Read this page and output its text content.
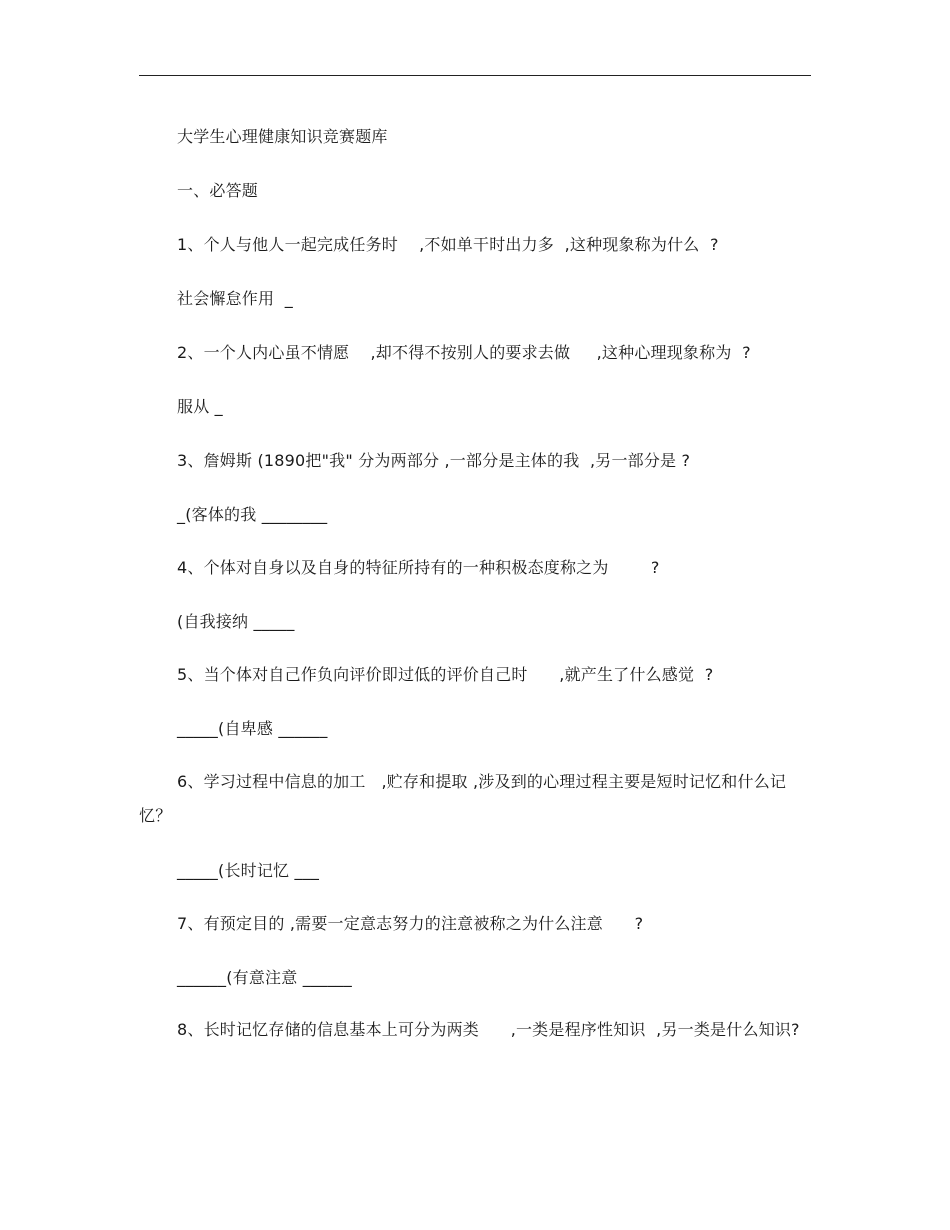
大学生心理健康知识竞赛题库
一、必答题
1、个人与他人一起完成任务时    ,不如单干时出力多  ,这种现象称为什么  ?
社会懈怠作用  _
2、一个人内心虽不情愿    ,却不得不按别人的要求去做     ,这种心理现象称为  ?
服从 _
3、詹姆斯 (1890把"我" 分为两部分 ,一部分是主体的我  ,另一部分是 ?
_(客体的我 ________
4、个体对自身以及自身的特征所持有的一种积极态度称之为        ?
(自我接纳 _____
5、当个体对自己作负向评价即过低的评价自己时      ,就产生了什么感觉  ?
_____(自卑感 ______
6、学习过程中信息的加工   ,贮存和提取 ,涉及到的心理过程主要是短时记忆和什么记忆？
_____(长时记忆 ___
7、有预定目的 ,需要一定意志努力的注意被称之为什么注意      ?
______(有意注意 ______
8、长时记忆存储的信息基本上可分为两类      ,一类是程序性知识  ,另一类是什么知识?
